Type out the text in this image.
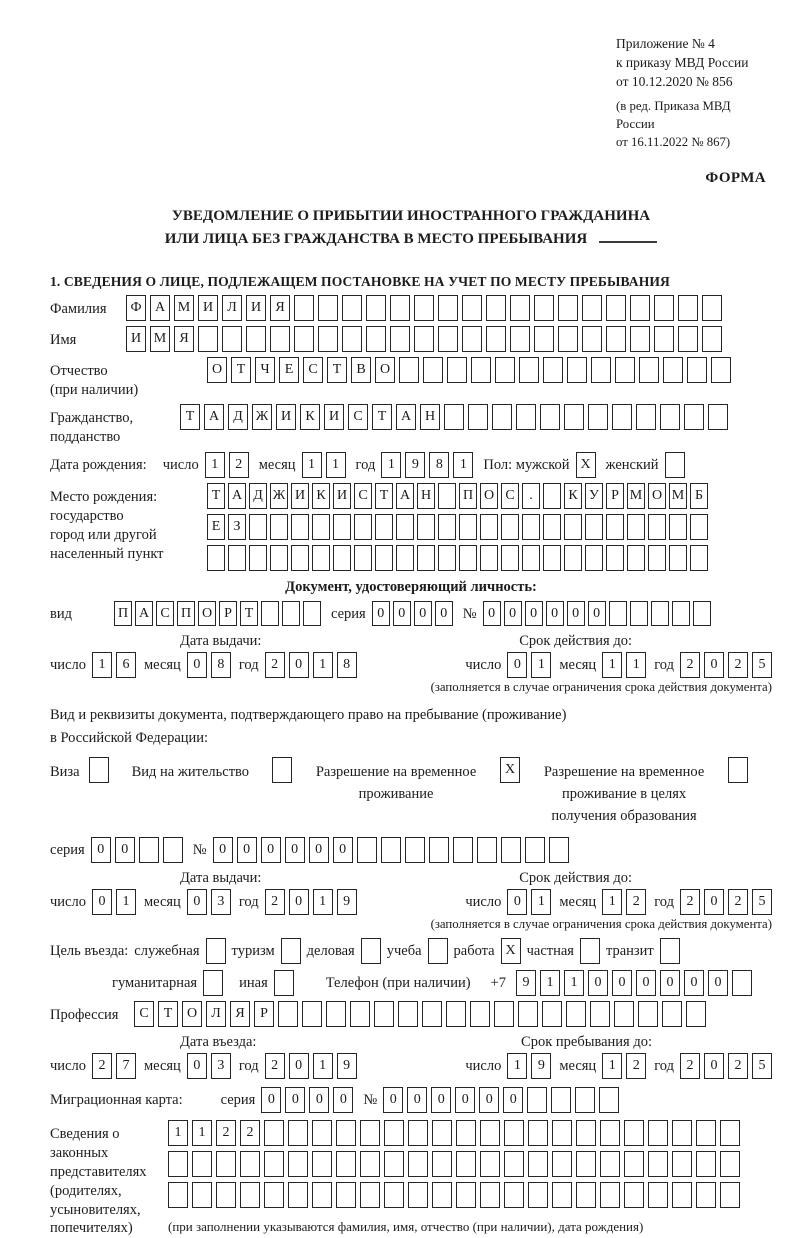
Приложение № 4
к приказу МВД России
от 10.12.2020 № 856
(в ред. Приказа МВД России
от 16.11.2022 № 867)
ФОРМА
УВЕДОМЛЕНИЕ О ПРИБЫТИИ ИНОСТРАННОГО ГРАЖДАНИНА
ИЛИ ЛИЦА БЕЗ ГРАЖДАНСТВА В МЕСТО ПРЕБЫВАНИЯ
1. СВЕДЕНИЯ О ЛИЦЕ, ПОДЛЕЖАЩЕМ ПОСТАНОВКЕ НА УЧЕТ ПО МЕСТУ ПРЕБЫВАНИЯ
Фамилия	Ф А М И	Л	И	Я
Имя	И М Я
Отчество
(при наличии)
О	Т	Ч	Е	С	Т	В	О
Гражданство,
подданство
Т	А	Д Ж И	К	И	С	Т	А Н
Дата рождения: число 1	2	месяц 1	1	год 1	9	8	1	Пол: мужской X	женский
Место рождения:
государство
город или другой
населенный пункт
Т А Д Ж И К И С Т А Н П О С	.	К У Р М О М Б
Е З
Документ, удостоверяющий личность:
вид	П А С П О Р Т	серия 0	0	0	0	№ 0	0	0	0	0	0
Дата выдачи:	Срок действия до:
число 1	6	месяц 0	8	год 2	0	1	8	число 0	1	месяц 1	1	год 2	0	2	5
(заполняется в случае ограничения срока действия документа)
Вид и реквизиты документа, подтверждающего право на пребывание (проживание)
в Российской Федерации:
Виза	Вид на жительство	Разрешение на временное
проживание
X	Разрешение на временное
проживание в целях
получения образования
серия 0	0	№ 0	0	0	0	0	0
Дата выдачи:	Срок действия до:
число 0	1	месяц 0	3	год 2	0	1	9	число 0	1	месяц 1	2	год 2	0	2	5
(заполняется в случае ограничения срока действия документа)
Цель въезда: служебная туризм деловая учеба работа X частная транзит
гуманитарная	иная	Телефон (при наличии) +7	9	1	1	0	0	0	0	0	0
Профессия	С	Т	О	Л	Я	Р
Дата въезда:	Срок пребывания до:
число 2	7	месяц 0	3	год 2	0	1	9	число 1	9	месяц 1	2	год 2	0	2	5
Миграционная карта:	серия 0	0	0	0	№ 0	0	0	0	0	0
Сведения о
законных
представителях
(родителях,
усыновителях,
попечителях)
1	1	2	2
(при заполнении указываются фамилия, имя, отчество (при наличии), дата рождения)
